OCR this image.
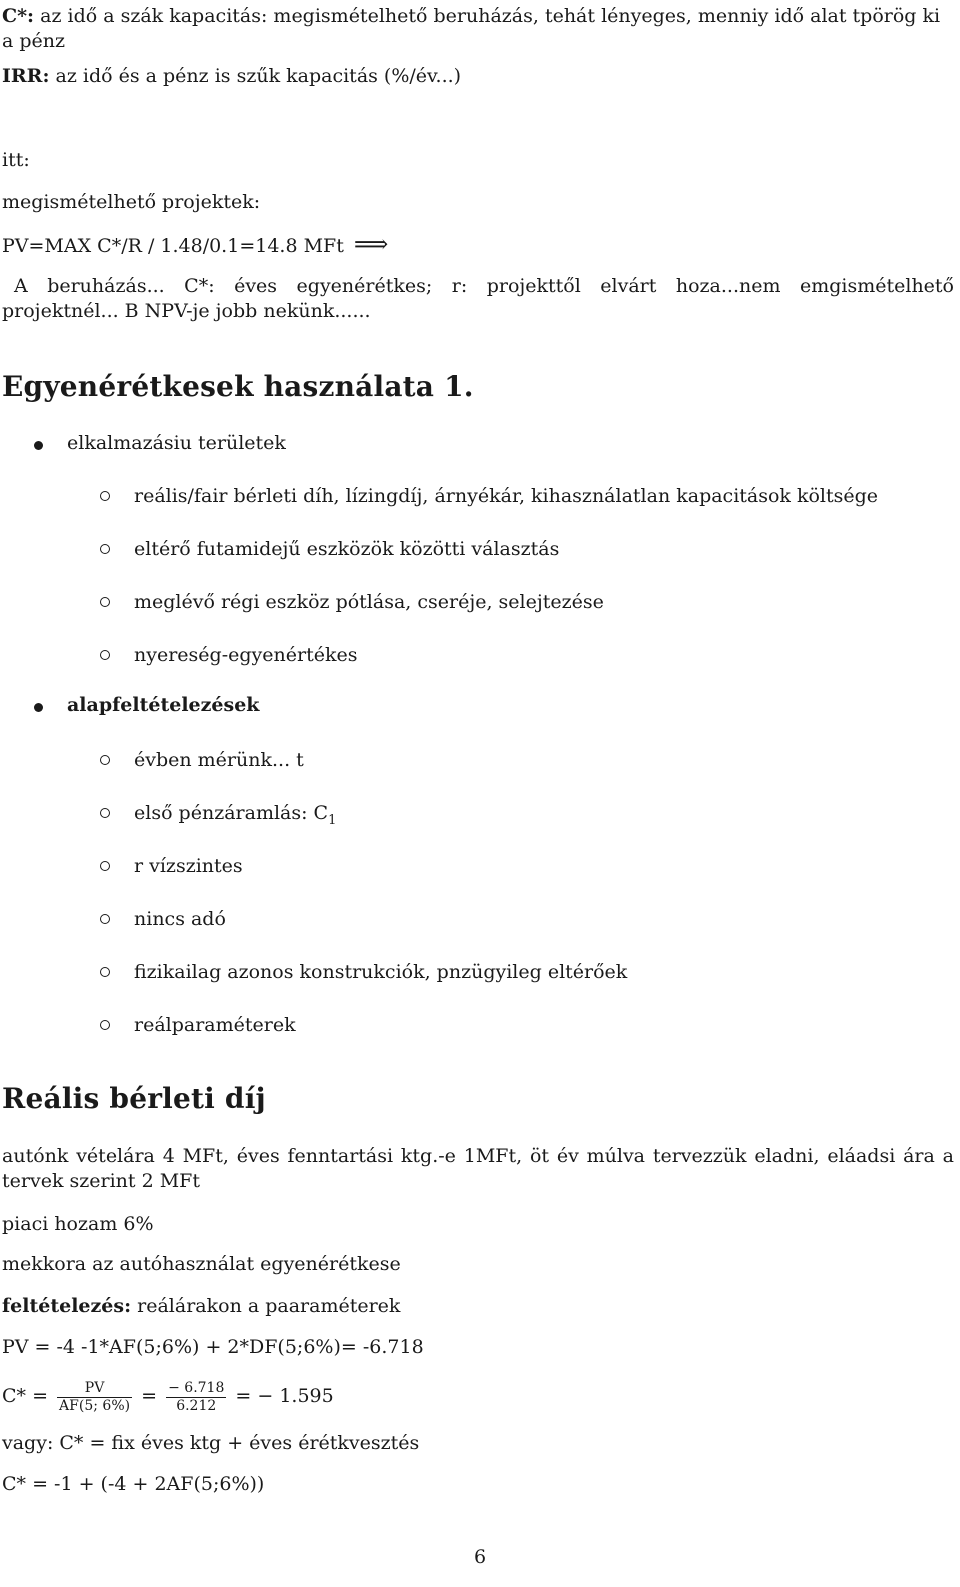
C*: az idő a szák kapacitás: megismételhető beruházás, tehát lényeges, menniy idő alat tpörög ki a pénz
IRR: az idő és a pénz is szűk kapacitás (%/év...)
itt:
megismételhető projektek:
PV=MAX C*/R / 1.48/0.1=14.8 MFt ⟹
A beruházás... C*: éves egyenérétkes; r: projekttől elvárt hoza...nem emgismételhető projektnél... B NPV-je jobb nekünk......
Egyenérétkesek használata 1.
elkalmazásiu területek
reális/fair bérleti díh, lízingdíj, árnyékár, kihasználatlan kapacitások költsége
eltérő futamidejű eszközök közötti választás
meglévő régi eszköz pótlása, cseréje, selejtezése
nyereség-egyenértékes
alapfeltételezések
évben mérünk... t
első pénzáramlás: $C_1$
r vízszintes
nincs adó
fizikailag azonos konstrukciók, pnzügyileg eltérőek
reálparaméterek
Reális bérleti díj
autónk vételára 4 MFt, éves fenntartási ktg.-e 1MFt, öt év múlva tervezzük eladni, eláadsi ára a tervek szerint 2 MFt
piaci hozam 6%
mekkora az autóhasználat egyenérétkese
feltételezés: reálárakon a paaraméterek
PV = -4 -1*AF(5;6%) + 2*DF(5;6%)= -6.718
$C* = \frac{PV}{AF(5; 6\%)} = \frac{- 6.718}{6.212}$ = − 1.595
vagy: C* = fix éves ktg + éves érétkvesztés
C* = -1 + (-4 + 2AF(5;6%))
6
